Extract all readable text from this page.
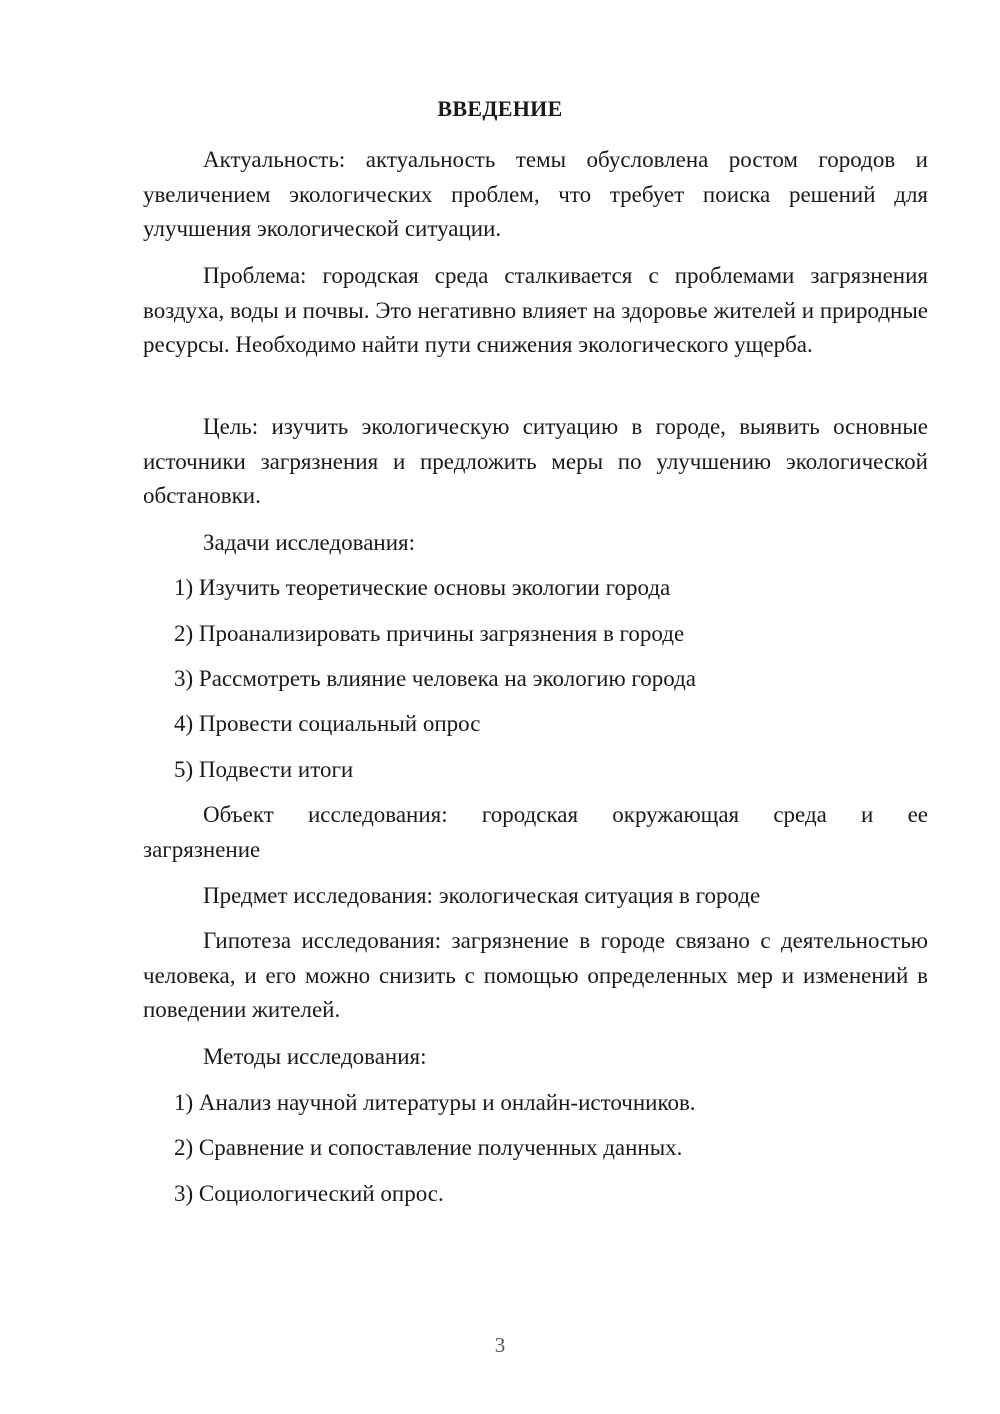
ВВЕДЕНИЕ

Актуальность: актуальность темы обусловлена ростом городов и увеличением экологических проблем, что требует поиска решений для улучшения экологической ситуации.

Проблема: городская среда сталкивается с проблемами загрязнения воздуха, воды и почвы. Это негативно влияет на здоровье жителей и природные ресурсы. Необходимо найти пути снижения экологического ущерба.

Цель: изучить экологическую ситуацию в городе, выявить основные источники загрязнения и предложить меры по улучшению экологической обстановки.

Задачи исследования:
1) Изучить теоретические основы экологии города
2) Проанализировать причины загрязнения в городе
3) Рассмотреть влияние человека на экологию города
4) Провести социальный опрос
5) Подвести итоги

Объект исследования: городская окружающая среда и ее

загрязнение
Предмет исследования: экологическая ситуация в городе

Гипотеза исследования: загрязнение в городе связано с деятельностью человека, и его можно снизить с помощью определенных мер и изменений в поведении жителей.

Методы исследования:
1) Анализ научной литературы и онлайн-источников.
2) Сравнение и сопоставление полученных данных.
3) Социологический опрос.
3
